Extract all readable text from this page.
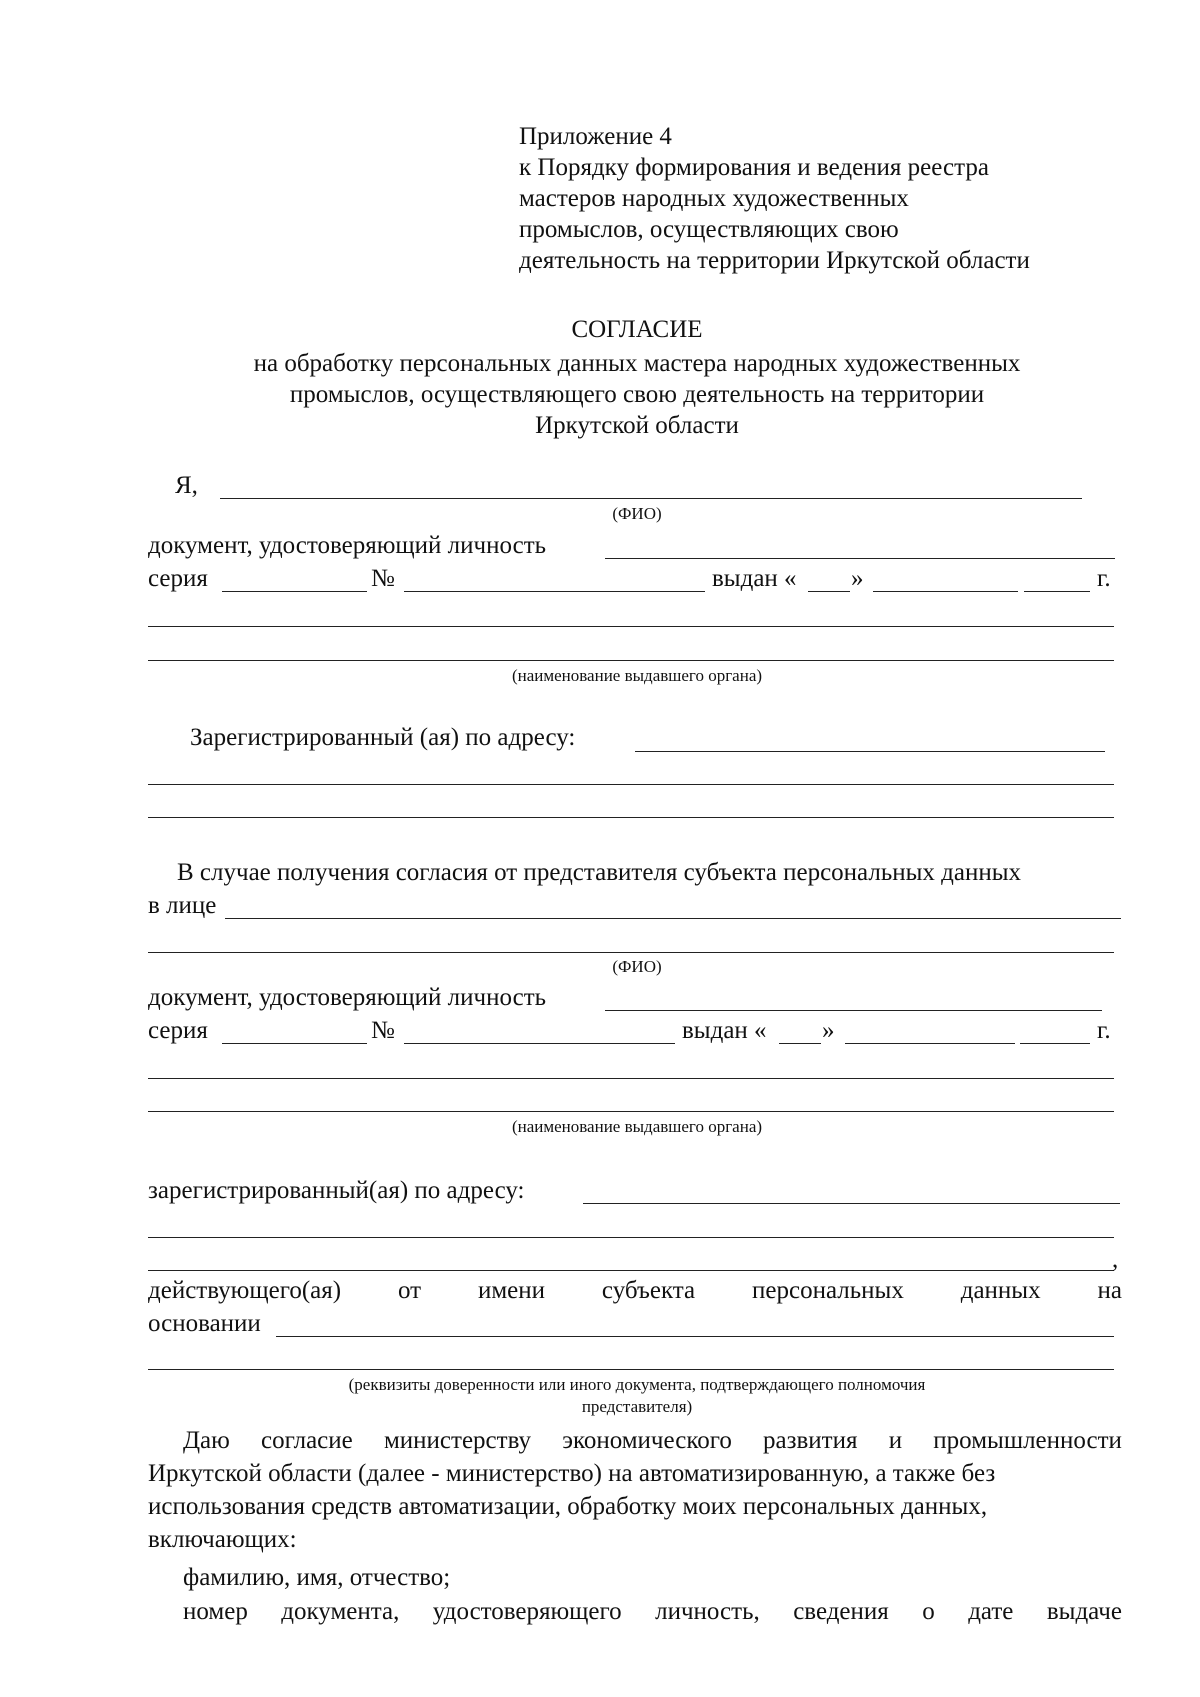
Приложение 4
к Порядку формирования и ведения реестра
мастеров народных художественных
промыслов, осуществляющих свою
деятельность на территории Иркутской области
СОГЛАСИЕ
на обработку персональных данных мастера народных художественных
промыслов, осуществляющего свою деятельность на территории
Иркутской области
Я,
(ФИО)
документ, удостоверяющий личность
серия	№	выдан « »	г.
(наименование выдавшего органа)
Зарегистрированный (ая) по адресу:
В случае получения согласия от представителя субъекта персональных данных
в лице
(ФИО)
документ, удостоверяющий личность
серия	№	выдан « »	г.
(наименование выдавшего органа)
зарегистрированный(ая) по адресу:
,
действующего(ая) от имени субъекта персональных данных на
основании
(реквизиты доверенности или иного документа, подтверждающего полномочия
представителя)
Даю согласие министерству экономического развития и промышленности
Иркутской области (далее - министерство) на автоматизированную, а также без
использования средств автоматизации, обработку моих персональных данных,
включающих:
фамилию, имя, отчество;
номер документа, удостоверяющего личность, сведения о дате выдаче
